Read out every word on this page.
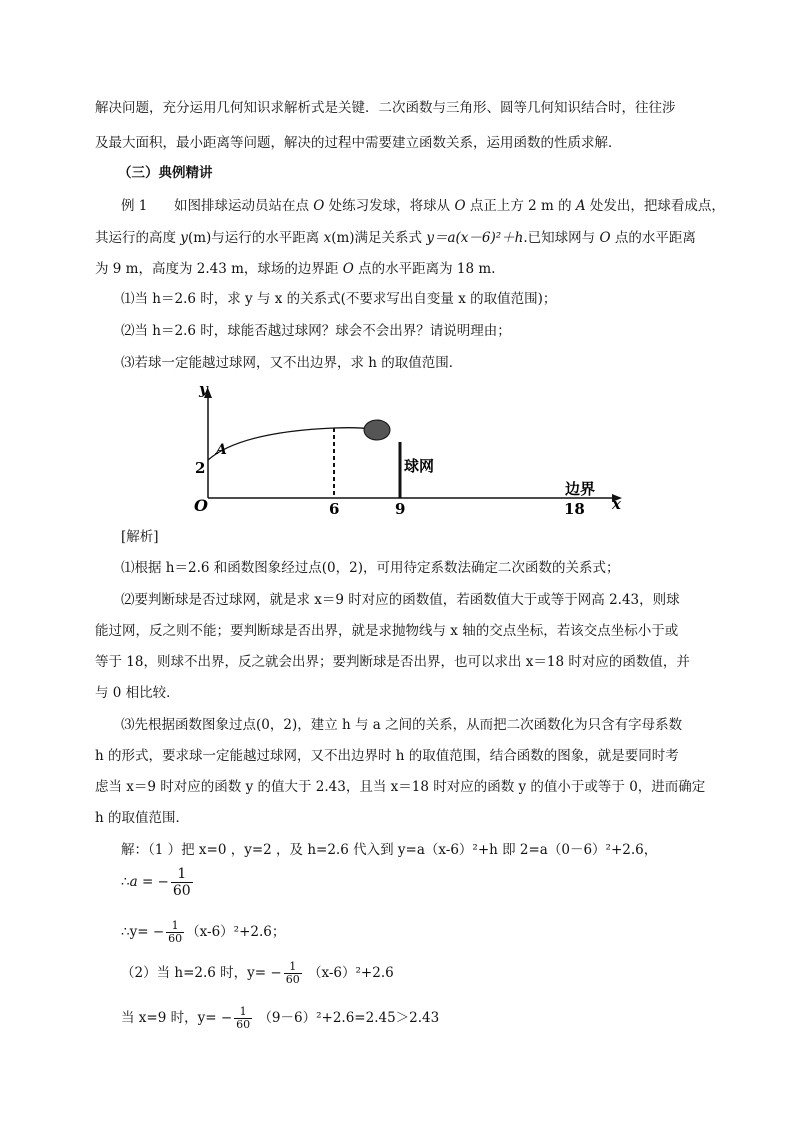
解决问题，充分运用几何知识求解析式是关键．二次函数与三角形、圆等几何知识结合时，往往涉
及最大面积，最小距离等问题，解决的过程中需要建立函数关系，运用函数的性质求解．
（三）典例精讲
例 1 如图排球运动员站在点 O 处练习发球，将球从 O 点正上方 2 m 的 A 处发出，把球看成点，
其运行的高度 y(m)与运行的水平距离 x(m)满足关系式 y＝a(x－6)²＋h.已知球网与 O 点的水平距离
为 9 m，高度为 2.43 m，球场的边界距 O 点的水平距离为 18 m.
⑴当 h＝2.6 时，求 y 与 x 的关系式(不要求写出自变量 x 的取值范围)；
⑵当 h＝2.6 时，球能否越过球网？球会不会出界？请说明理由；
⑶若球一定能越过球网，又不出边界，求 h 的取值范围．
y
x
O
A
2
6	9	18
球网
边界
[解析]
⑴根据 h＝2.6 和函数图象经过点(0，2)，可用待定系数法确定二次函数的关系式；
⑵要判断球是否过球网，就是求 x＝9 时对应的函数值，若函数值大于或等于网高 2.43，则球
能过网，反之则不能；要判断球是否出界，就是求抛物线与 x 轴的交点坐标，若该交点坐标小于或
等于 18，则球不出界，反之就会出界；要判断球是否出界，也可以求出 x＝18 时对应的函数值，并
与 0 相比较．
⑶先根据函数图象过点(0，2)，建立 h 与 a 之间的关系，从而把二次函数化为只含有字母系数
h 的形式，要求球一定能越过球网，又不出边界时 h 的取值范围，结合函数的图象，就是要同时考
虑当 x＝9 时对应的函数 y 的值大于 2.43，且当 x＝18 时对应的函数 y 的值小于或等于 0，进而确定
h 的取值范围．
解：（1 ）把 x=0 ，y=2 ，及 h=2.6 代入到 y=a（x-6）²+h 即 2=a（0－6）²+2.6，
∴a = − $\frac{1}{60}$
∴y= − $\frac{1}{60} (x-6)^2+2.6$；
（2）当 h=2.6 时，$y= - \frac{1}{60} (x-6)^2+2.6$
当 x=9 时，$y= - \frac{1}{60} (9-6)^2+2.6=2.45>2.43$
